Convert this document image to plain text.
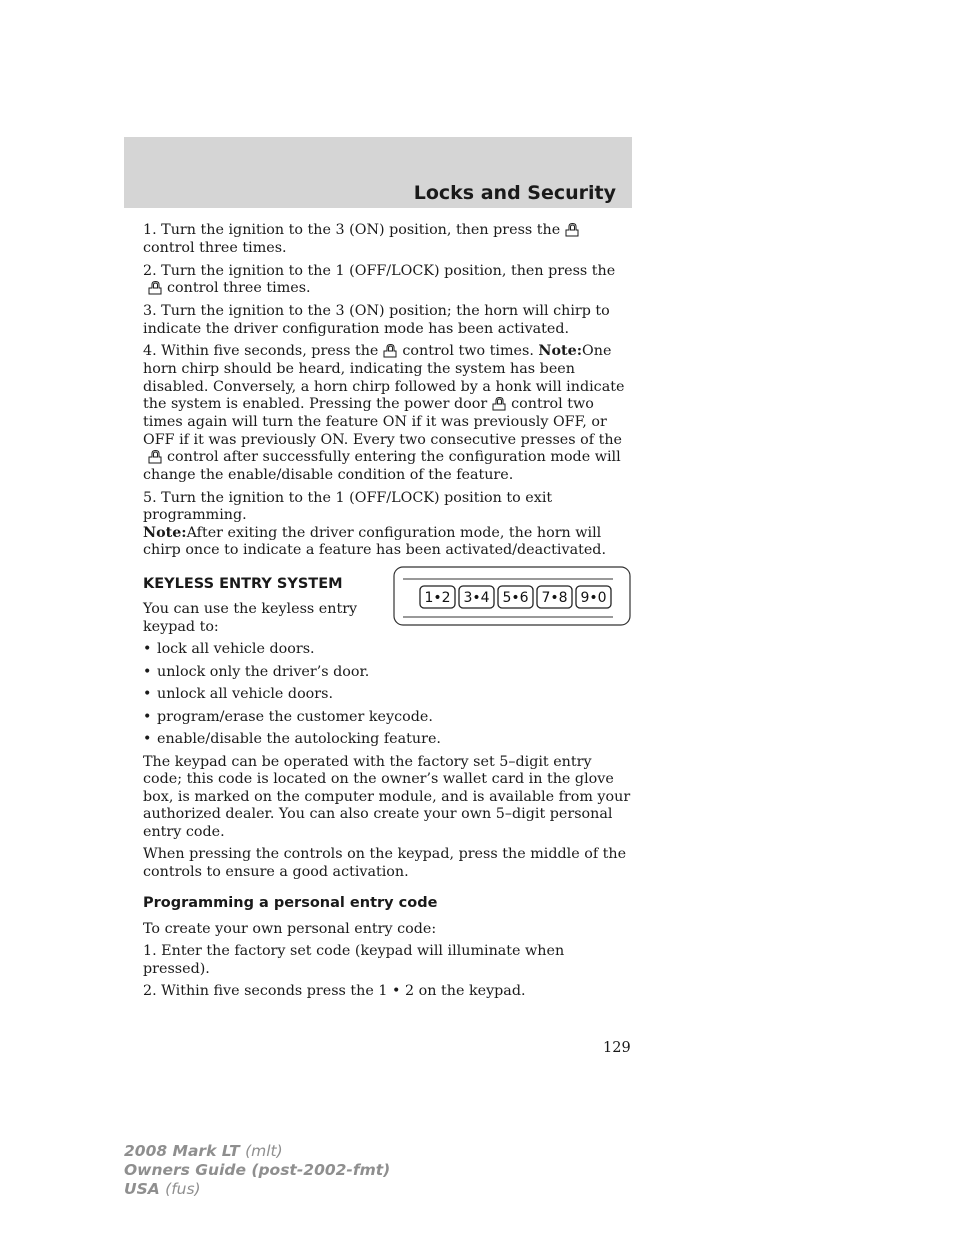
Locks and Security

1. Turn the ignition to the 3 (ON) position, then press thecontrol three times.

2. Turn the ignition to the 1 (OFF/LOCK) position, then press thecontrol three times.

3. Turn the ignition to the 3 (ON) position; the horn will chirp to indicate the driver configuration mode has been activated.

4. Within five seconds, press the control two times. Note:One horn chirp should be heard, indicating the system has been disabled. Conversely, a horn chirp followed by a honk will indicate the system is enabled. Pressing the power door control two times again will turn the feature ON if it was previously OFF, or OFF if it was previously ON. Every two consecutive presses of thecontrol after successfully entering the configuration mode will change the enable/disable condition of the feature.

5. Turn the ignition to the 1 (OFF/LOCK) position to exit programming.

Note:After exiting the driver configuration mode, the horn will chirp once to indicate a feature has been activated/deactivated.

KEYLESS ENTRY SYSTEM

You can use the keyless entry keypad to:

• lock all vehicle doors.
• unlock only the driver’s door.
• unlock all vehicle doors.
• program/erase the customer keycode.
• enable/disable the autolocking feature.

The keypad can be operated with the factory set 5–digit entry code; this code is located on the owner’s wallet card in the glove box, is marked on the computer module, and is available from your authorized dealer. You can also create your own 5–digit personal entry code.

When pressing the controls on the keypad, press the middle of the controls to ensure a good activation.

Programming a personal entry code

To create your own personal entry code:

1. Enter the factory set code (keypad will illuminate when pressed).

2. Within five seconds press the 1 • 2 on the keypad.

1•2 3•4 5•6 7•8 9•0
129
2008 Mark LT (mlt)
Owners Guide (post-2002-fmt)
USA (fus)
